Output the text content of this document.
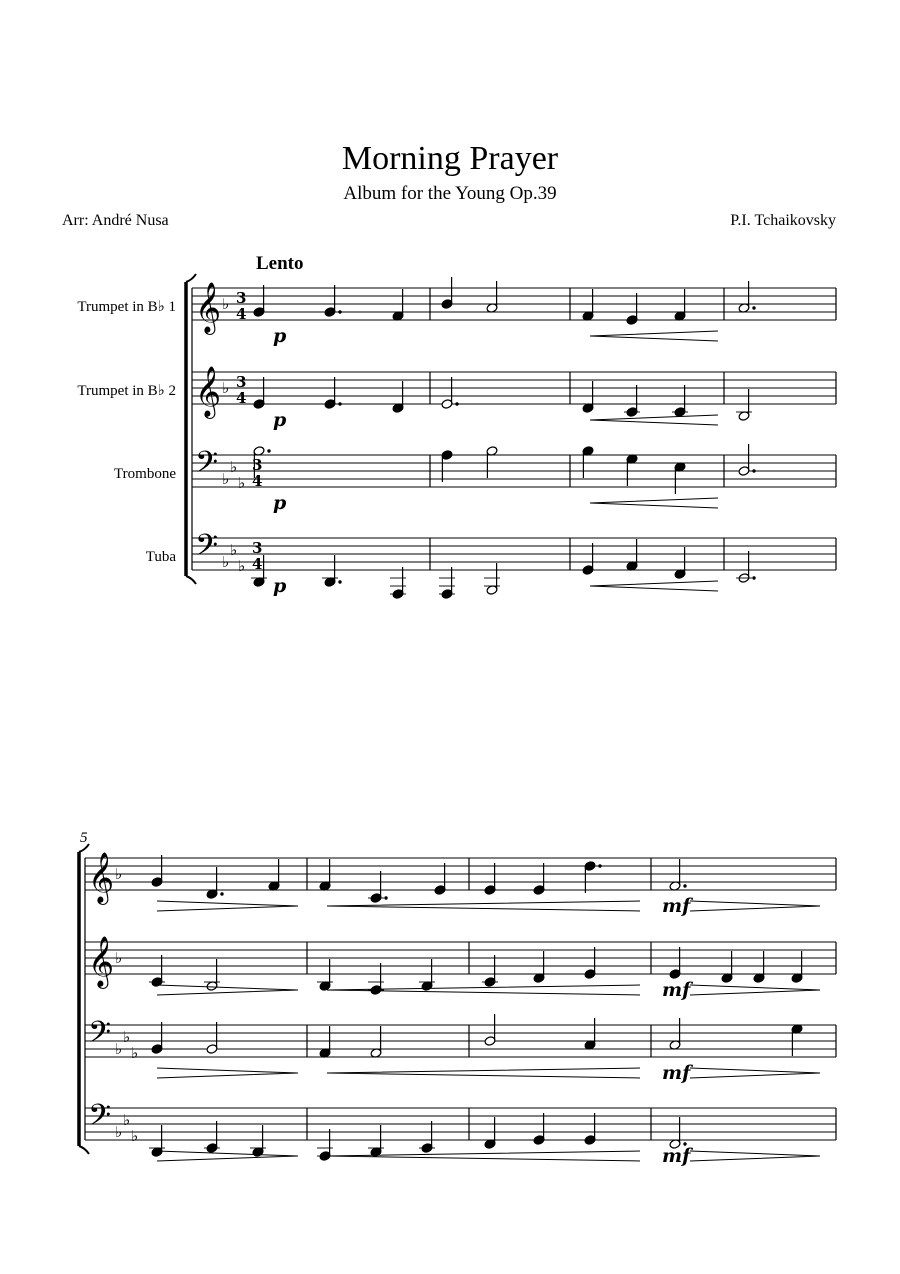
Morning Prayer
Album for the Young Op.39
Arr: André Nusa	P.I. Tchaikovsky
Lento
5
Trumpet in B♭ 1
Trumpet in B♭ 2
Trombone
Tuba
𝄞 ♭
𝄞 ♭
𝄢 ♭
♭
♭
𝄢 ♭
♭
♭
𝄞 ♭
𝄞 ♭
𝄢 ♭
♭
♭
𝄢 ♭
♭
♭
3
4
3
4
3
4
3
4
p
p
p
p
mf
mf
mf
mf
